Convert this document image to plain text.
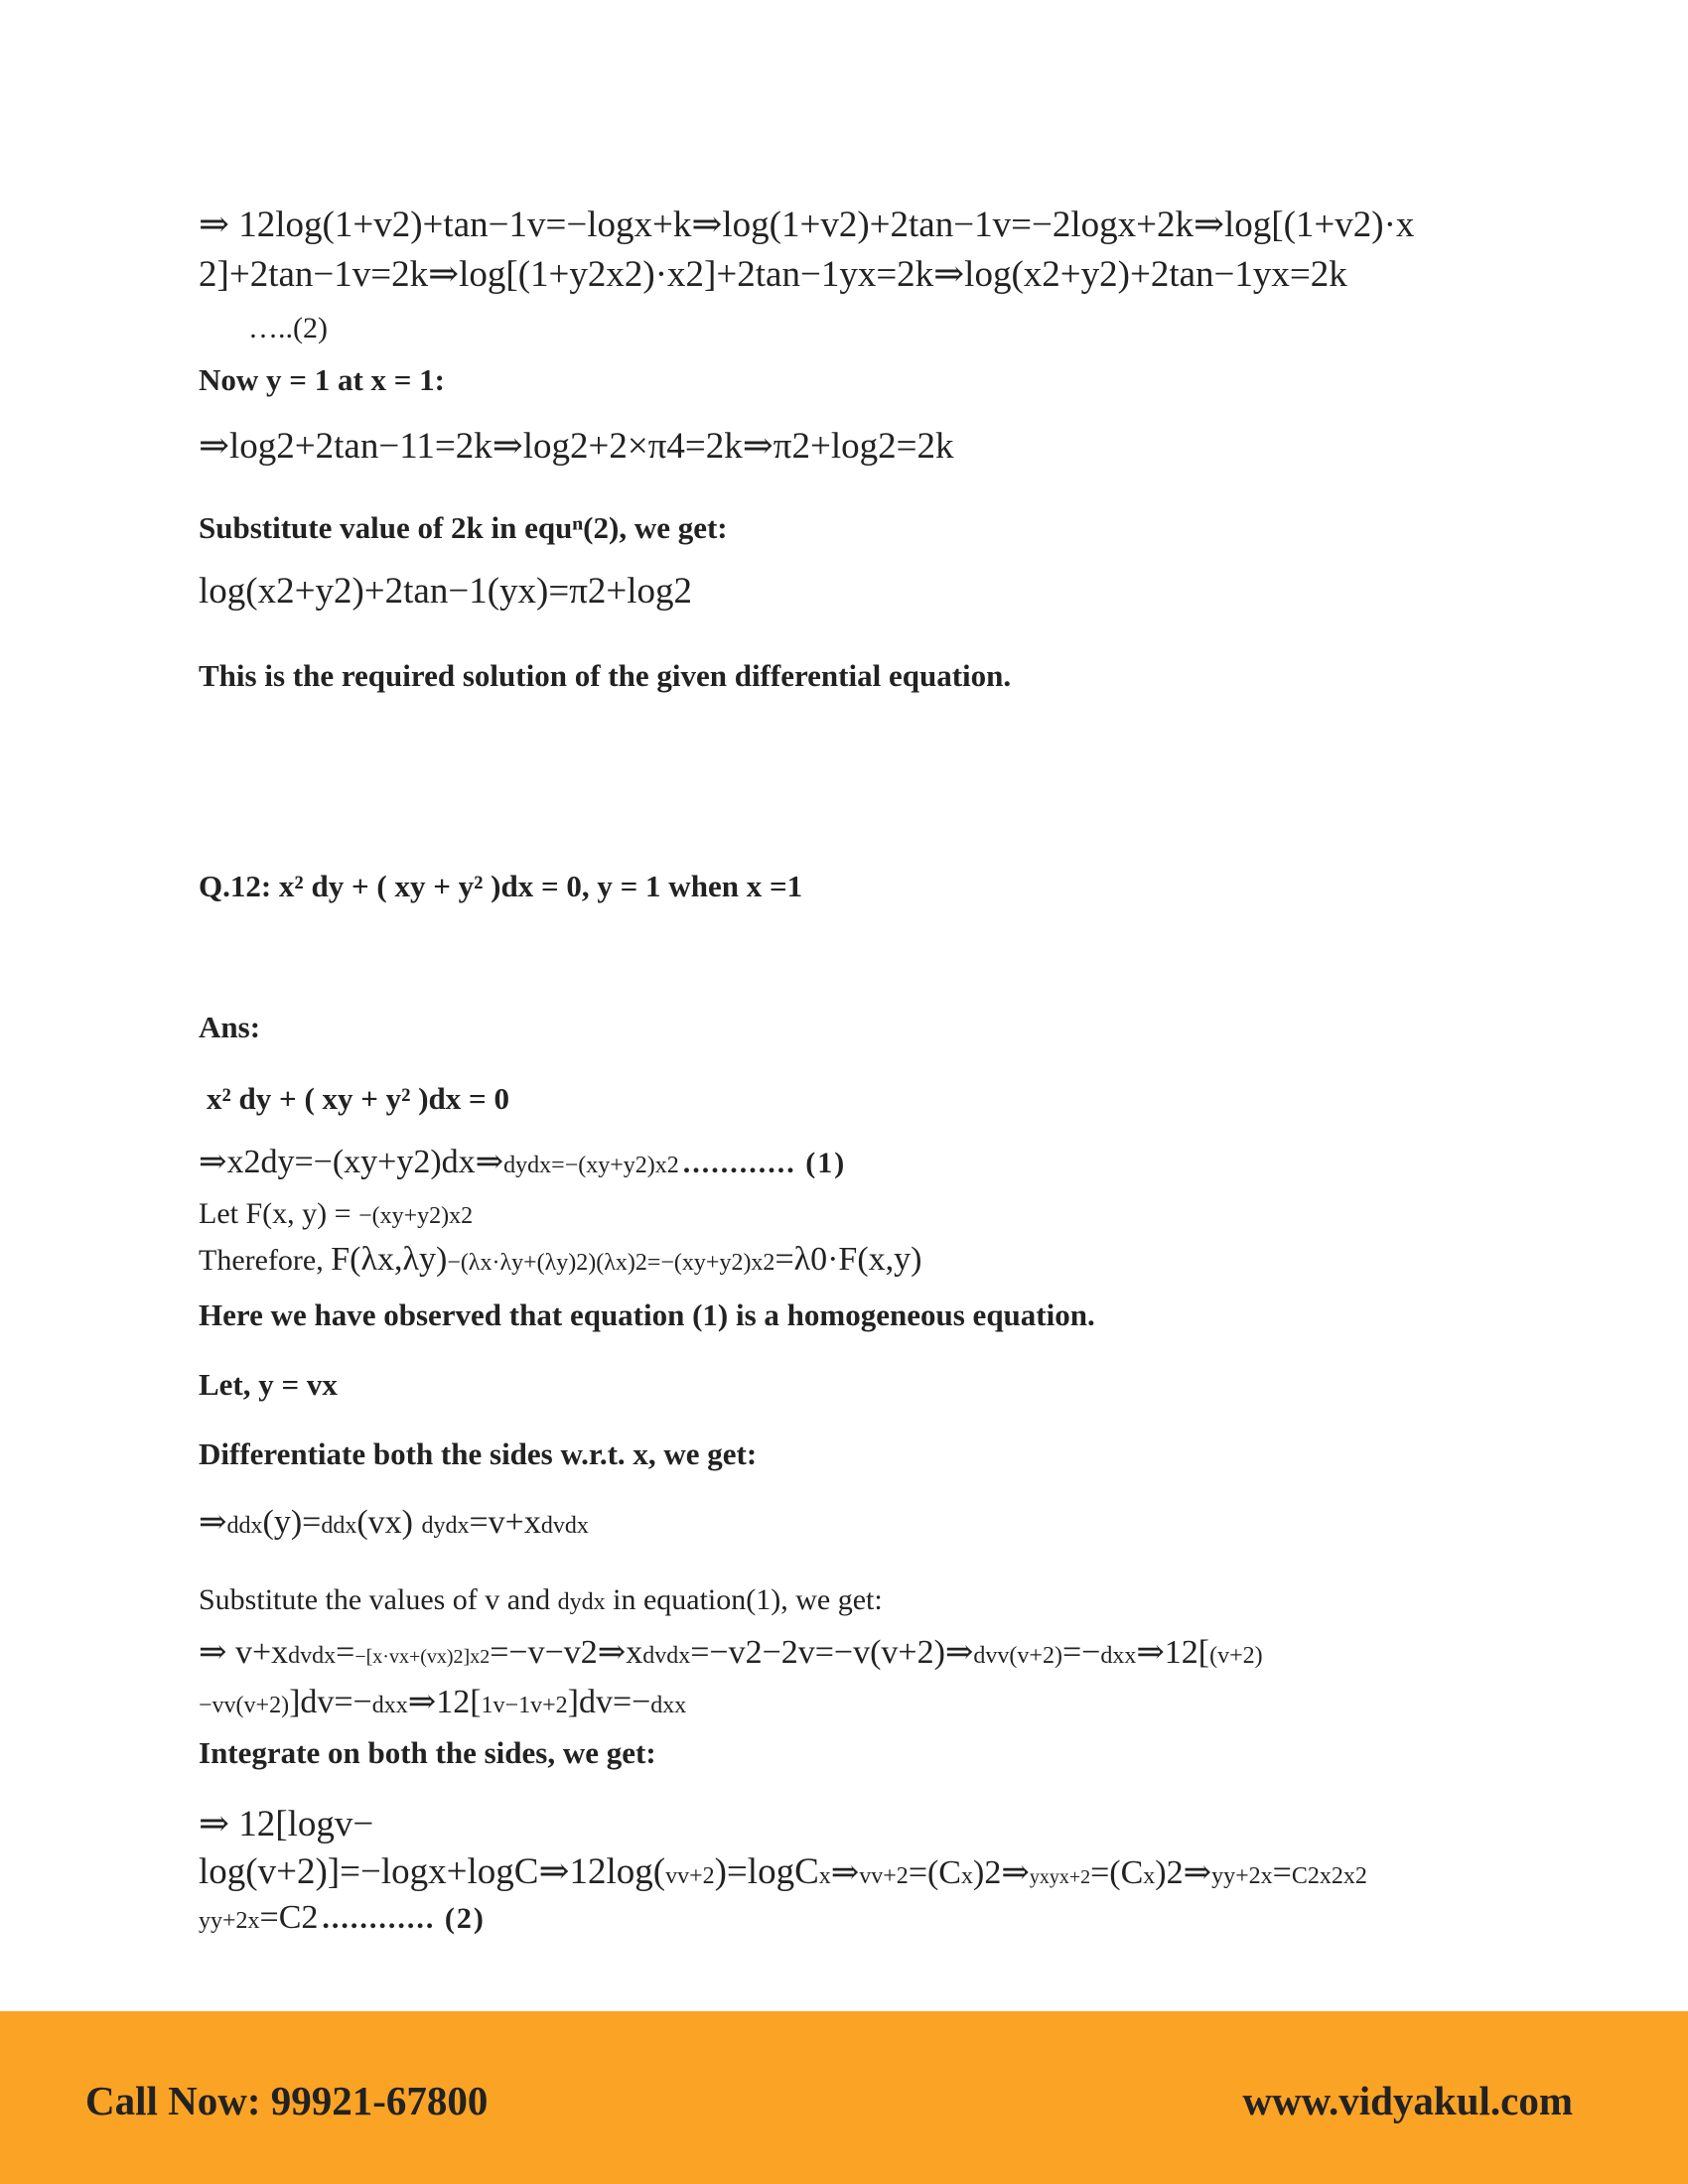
⇒ 12log(1+v2)+tan−1v=−logx+k⇒log(1+v2)+2tan−1v=−2logx+2k⇒log[(1+v2)·x
2]+2tan−1v=2k⇒log[(1+y2x2)·x2]+2tan−1yx=2k⇒log(x2+y2)+2tan−1yx=2k
…..(2)
Now y = 1 at x = 1:
⇒log2+2tan−11=2k⇒log2+2×π4=2k⇒π2+log2=2k
Substitute value of 2k in equⁿ(2), we get:
log(x2+y2)+2tan−1(yx)=π2+log2
This is the required solution of the given differential equation.
Q.12: x² dy + ( xy + y² )dx = 0, y = 1 when x =1
Ans:
x² dy + ( xy + y² )dx = 0
⇒x2dy=−(xy+y2)dx⇒dydx=−(xy+y2)x2 ............ (1)
Let F(x, y) = −(xy+y2)x2
Therefore, F(λx,λy)−(λx·λy+(λy)2)(λx)2=−(xy+y2)x2=λ0·F(x,y)
Here we have observed that equation (1) is a homogeneous equation.
Let, y = vx
Differentiate both the sides w.r.t. x, we get:
⇒ddx(y)=ddx(vx) dydx=v+xdvdx
Substitute the values of v and dydx in equation(1), we get:
⇒ v+xdvdx=−[x·vx+(vx)2]x2=−v−v2⇒xdvdx=−v2−2v=−v(v+2)⇒dvv(v+2)=−dxx⇒12[(v+2)
−vv(v+2)]dv=−dxx⇒12[1v−1v+2]dv=−dxx
Integrate on both the sides, we get:
⇒ 12[logv−
log(v+2)]=−logx+logC⇒12log(vv+2)=logCx⇒vv+2=(Cx)2⇒yxyx+2=(Cx)2⇒yy+2x=C2x2x2
yy+2x=C2 ............ (2)
Call Now: 99921-67800	www.vidyakul.com
